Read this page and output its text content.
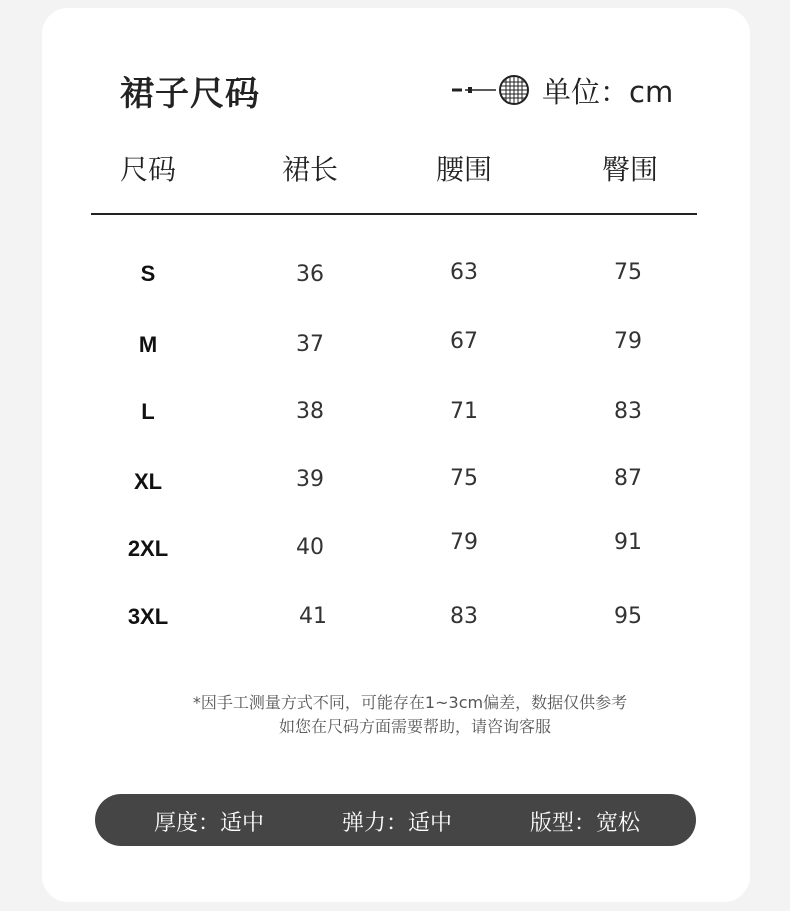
裙子尺码	单位：cm
尺码	裙长	腰围	臀围
S	36	63	75
M	37	67	79
L	38	71	83
XL	39	75	87
2XL	40	79	91
3XL	41	83	95
*因手工测量方式不同，可能存在1~3cm偏差，数据仅供参考
如您在尺码方面需要帮助，请咨询客服
厚度：适中	弹力：适中	版型：宽松
